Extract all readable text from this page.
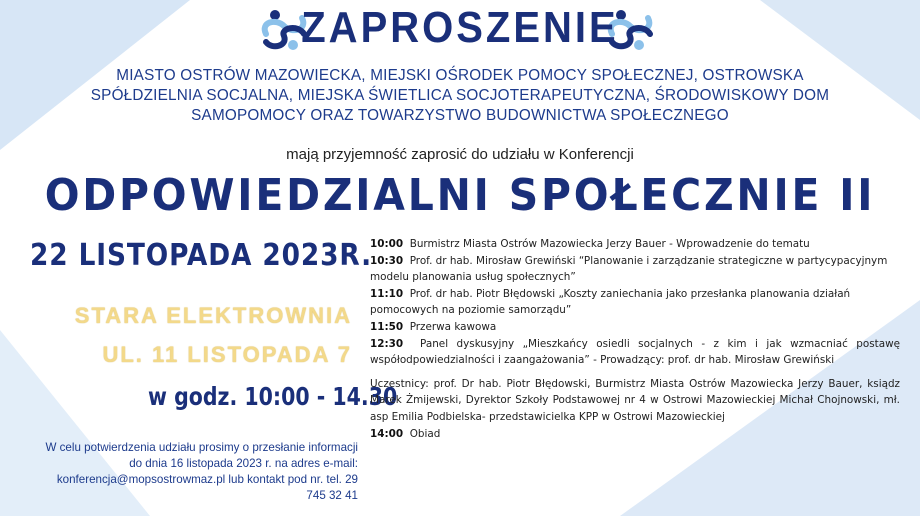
ZAPROSZENIE
MIASTO OSTRÓW MAZOWIECKA, MIEJSKI OŚRODEK POMOCY SPOŁECZNEJ, OSTROWSKA SPÓŁDZIELNIA SOCJALNA, MIEJSKA ŚWIETLICA SOCJOTERAPEUTYCZNA, ŚRODOWISKOWY DOM SAMOPOMOCY ORAZ TOWARZYSTWO BUDOWNICTWA SPOŁECZNEGO
mają przyjemność zaprosić do udziału w Konferencji
ODPOWIEDZIALNI SPOŁECZNIE II
22 LISTOPADA 2023R.
STARA ELEKTROWNIA
UL. 11 LISTOPADA 7
w godz. 10:00 - 14.30
W celu potwierdzenia udziału prosimy o przesłanie informacji do dnia 16 listopada 2023 r. na adres e-mail: konferencja@mopsostrowmaz.pl lub kontakt pod nr. tel. 29 745 32 41

10:00 Burmistrz Miasta Ostrów Mazowiecka Jerzy Bauer - Wprowadzenie do tematu

10:30 Prof. dr hab. Mirosław Grewiński “Planowanie i zarządzanie strategiczne w partycypacyjnym modelu planowania usług społecznych”

11:10 Prof. dr hab. Piotr Błędowski „Koszty zaniechania jako przesłanka planowania działań pomocowych na poziomie samorządu”

11:50 Przerwa kawowa

12:30 Panel dyskusyjny „Mieszkańcy osiedli socjalnych - z kim i jak wzmacniać postawę współodpowiedzialności i zaangażowania” - Prowadzący: prof. dr hab. Mirosław Grewiński

Uczestnicy: prof. Dr hab. Piotr Błędowski, Burmistrz Miasta Ostrów Mazowiecka Jerzy Bauer, ksiądz Marek Żmijewski, Dyrektor Szkoły Podstawowej nr 4 w Ostrowi Mazowieckiej Michał Chojnowski, mł. asp Emilia Podbielska- przedstawicielka KPP w Ostrowi Mazowieckiej

14:00 Obiad
